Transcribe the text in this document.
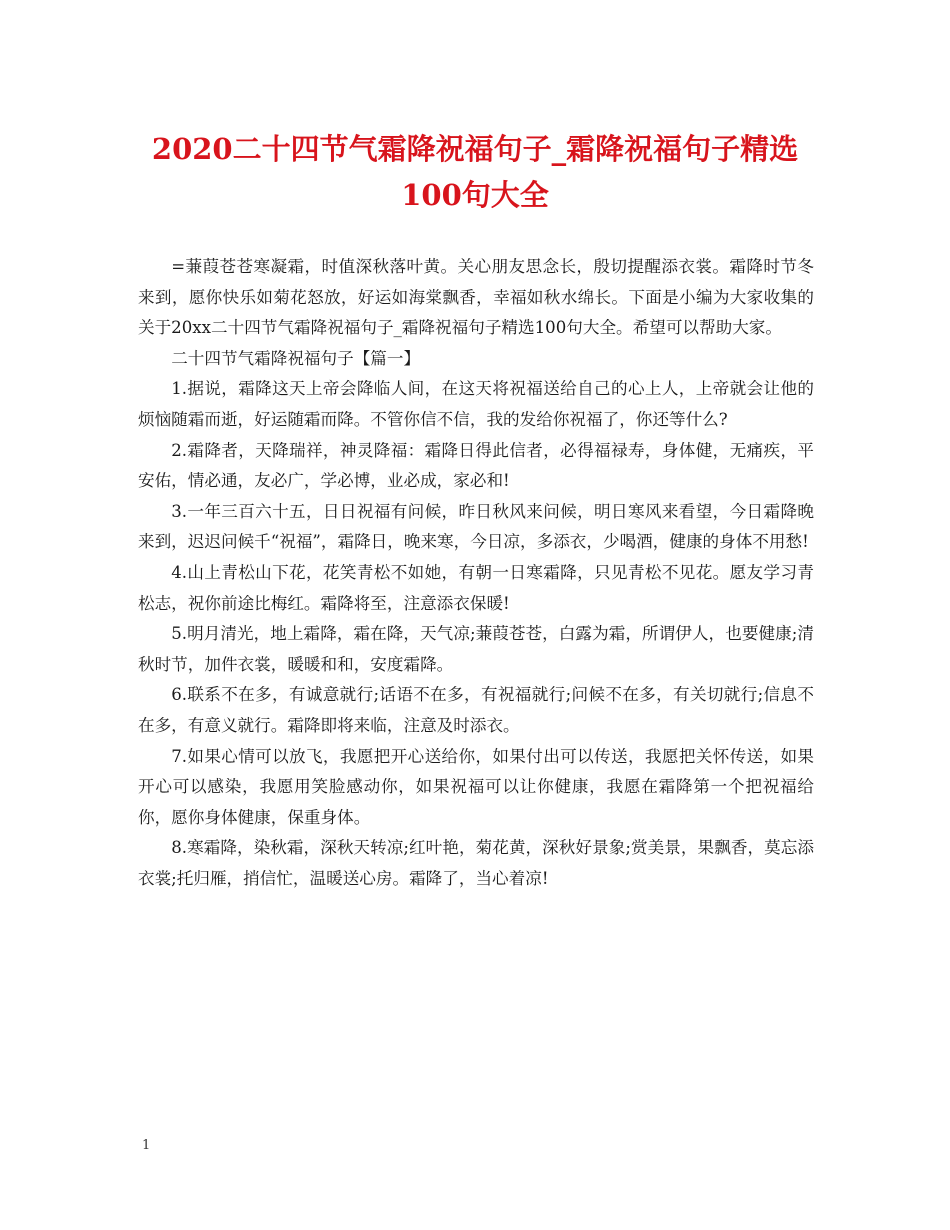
2020二十四节气霜降祝福句子_霜降祝福句子精选100句大全

=蒹葭苍苍寒凝霜，时值深秋落叶黄。关心朋友思念长，殷切提醒添衣裳。霜降时节冬来到，愿你快乐如菊花怒放，好运如海棠飘香，幸福如秋水绵长。下面是小编为大家收集的关于20xx二十四节气霜降祝福句子_霜降祝福句子精选100句大全。希望可以帮助大家。

二十四节气霜降祝福句子【篇一】

1.据说，霜降这天上帝会降临人间，在这天将祝福送给自己的心上人，上帝就会让他的烦恼随霜而逝，好运随霜而降。不管你信不信，我的发给你祝福了，你还等什么?

2.霜降者，天降瑞祥，神灵降福：霜降日得此信者，必得福禄寿，身体健，无痛疾，平安佑，情必通，友必广，学必博，业必成，家必和!

3.一年三百六十五，日日祝福有问候，昨日秋风来问候，明日寒风来看望，今日霜降晚来到，迟迟问候千“祝福”，霜降日，晚来寒，今日凉，多添衣，少喝酒，健康的身体不用愁!

4.山上青松山下花，花笑青松不如她，有朝一日寒霜降，只见青松不见花。愿友学习青松志，祝你前途比梅红。霜降将至，注意添衣保暖!

5.明月清光，地上霜降，霜在降，天气凉;蒹葭苍苍，白露为霜，所谓伊人，也要健康;清秋时节，加件衣裳，暖暖和和，安度霜降。

6.联系不在多，有诚意就行;话语不在多，有祝福就行;问候不在多，有关切就行;信息不在多，有意义就行。霜降即将来临，注意及时添衣。

7.如果心情可以放飞，我愿把开心送给你，如果付出可以传送，我愿把关怀传送，如果开心可以感染，我愿用笑脸感动你，如果祝福可以让你健康，我愿在霜降第一个把祝福给你，愿你身体健康，保重身体。

8.寒霜降，染秋霜，深秋天转凉;红叶艳，菊花黄，深秋好景象;赏美景，果飘香，莫忘添衣裳;托归雁，捎信忙，温暖送心房。霜降了，当心着凉!

1
